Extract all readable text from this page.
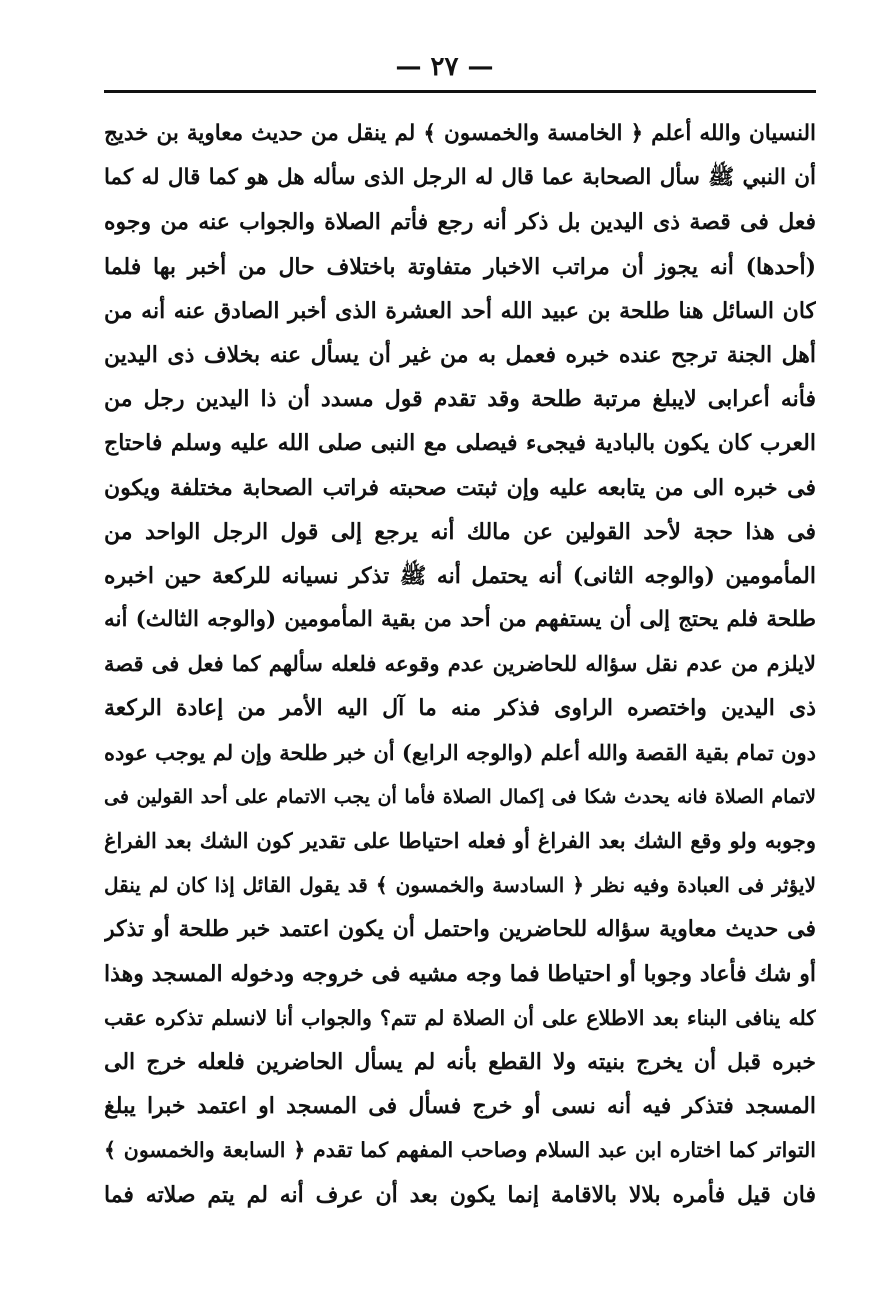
— ٢٧ —
النسيان والله أعلم ﴿ الخامسة والخمسون ﴾ لم ينقل من حديث معاوية بن خديج
أن النبي ﷺ سأل الصحابة عما قال له الرجل الذى سأله هل هو كما قال له كما
فعل فى قصة ذى اليدين بل ذكر أنه رجع فأتم الصلاة والجواب عنه من وجوه
(أحدها) أنه يجوز أن مراتب الاخبار متفاوتة باختلاف حال من أخبر بها فلما
كان السائل هنا طلحة بن عبيد الله أحد العشرة الذى أخبر الصادق عنه أنه من
أهل الجنة ترجح عنده خبره فعمل به من غير أن يسأل عنه بخلاف ذى اليدين
فأنه أعرابى لايبلغ مرتبة طلحة وقد تقدم قول مسدد أن ذا اليدين رجل من
العرب كان يكون بالبادية فيجىء فيصلى مع النبى صلى الله عليه وسلم فاحتاج
فى خبره الى من يتابعه عليه وإن ثبتت صحبته فراتب الصحابة مختلفة ويكون
فى هذا حجة لأحد القولين عن مالك أنه يرجع إلى قول الرجل الواحد من
المأمومين (والوجه الثانى) أنه يحتمل أنه ﷺ تذكر نسيانه للركعة حين اخبره
طلحة فلم يحتج إلى أن يستفهم من أحد من بقية المأمومين (والوجه الثالث) أنه
لايلزم من عدم نقل سؤاله للحاضرين عدم وقوعه فلعله سألهم كما فعل فى قصة
ذى اليدين واختصره الراوى فذكر منه ما آل اليه الأمر من إعادة الركعة
دون تمام بقية القصة والله أعلم (والوجه الرابع) أن خبر طلحة وإن لم يوجب عوده
لاتمام الصلاة فانه يحدث شكا فى إكمال الصلاة فأما أن يجب الاتمام على أحد القولين فى
وجوبه ولو وقع الشك بعد الفراغ أو فعله احتياطا على تقدير كون الشك بعد الفراغ
لايؤثر فى العبادة وفيه نظر ﴿ السادسة والخمسون ﴾ قد يقول القائل إذا كان لم ينقل
فى حديث معاوية سؤاله للحاضرين واحتمل أن يكون اعتمد خبر طلحة أو تذكر
أو شك فأعاد وجوبا أو احتياطا فما وجه مشيه فى خروجه ودخوله المسجد وهذا
كله ينافى البناء بعد الاطلاع على أن الصلاة لم تتم؟ والجواب أنا لانسلم تذكره عقب
خبره قبل أن يخرج بنيته ولا القطع بأنه لم يسأل الحاضرين فلعله خرج الى
المسجد فتذكر فيه أنه نسى أو خرج فسأل فى المسجد او اعتمد خبرا يبلغ
التواتر كما اختاره ابن عبد السلام وصاحب المفهم كما تقدم ﴿ السابعة والخمسون ﴾
فان قيل فأمره بلالا بالاقامة إنما يكون بعد أن عرف أنه لم يتم صلاته فما
